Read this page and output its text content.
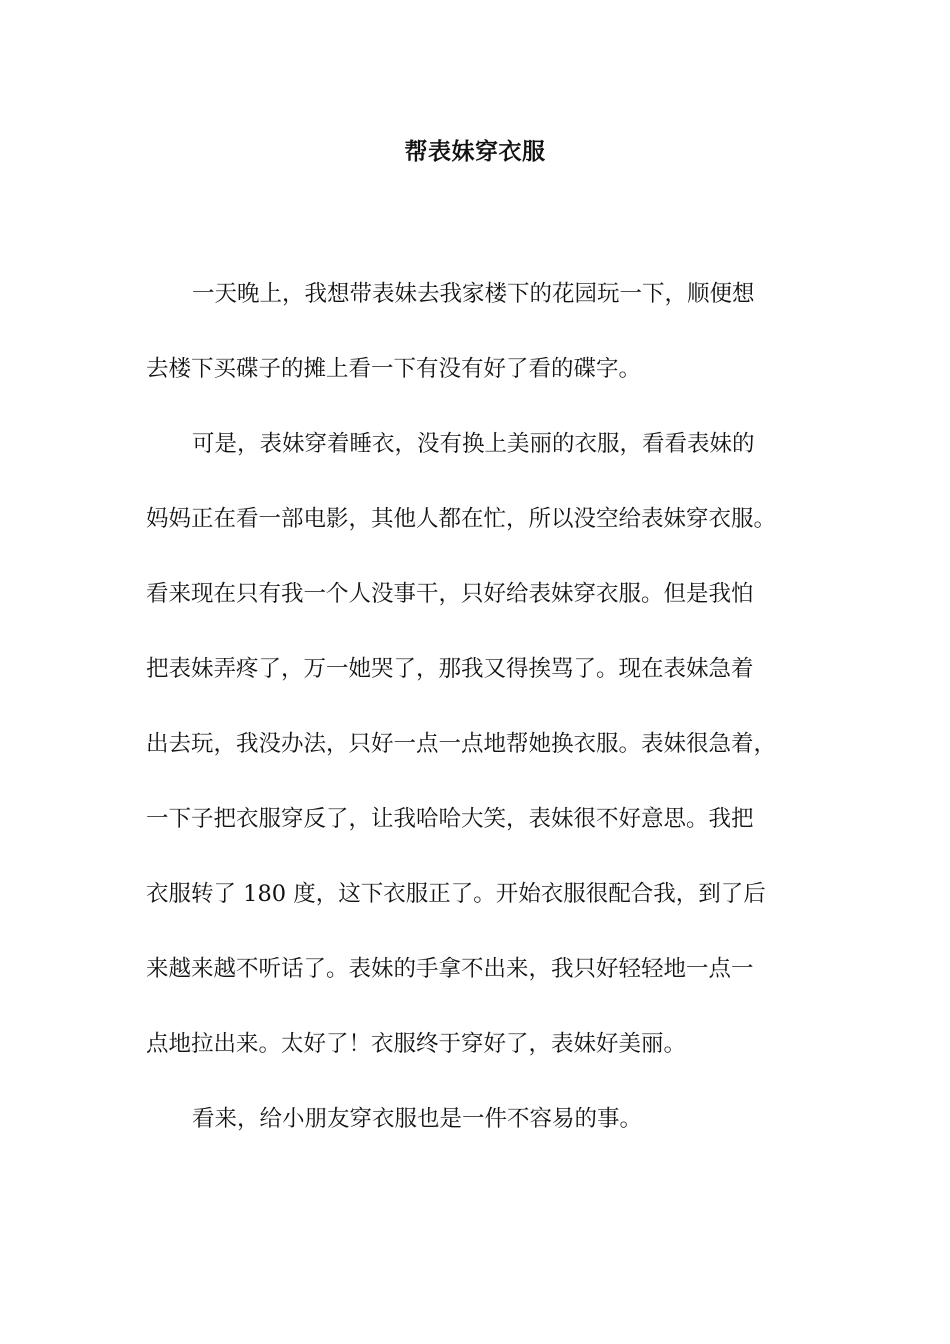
帮表妹穿衣服
一天晚上，我想带表妹去我家楼下的花园玩一下，顺便想
去楼下买碟子的摊上看一下有没有好了看的碟字。
可是，表妹穿着睡衣，没有换上美丽的衣服，看看表妹的
妈妈正在看一部电影，其他人都在忙，所以没空给表妹穿衣服。
看来现在只有我一个人没事干，只好给表妹穿衣服。但是我怕
把表妹弄疼了，万一她哭了，那我又得挨骂了。现在表妹急着
出去玩，我没办法，只好一点一点地帮她换衣服。表妹很急着，
一下子把衣服穿反了，让我哈哈大笑，表妹很不好意思。我把
衣服转了 180 度，这下衣服正了。开始衣服很配合我，到了后
来越来越不听话了。表妹的手拿不出来，我只好轻轻地一点一
点地拉出来。太好了！衣服终于穿好了，表妹好美丽。
看来，给小朋友穿衣服也是一件不容易的事。
